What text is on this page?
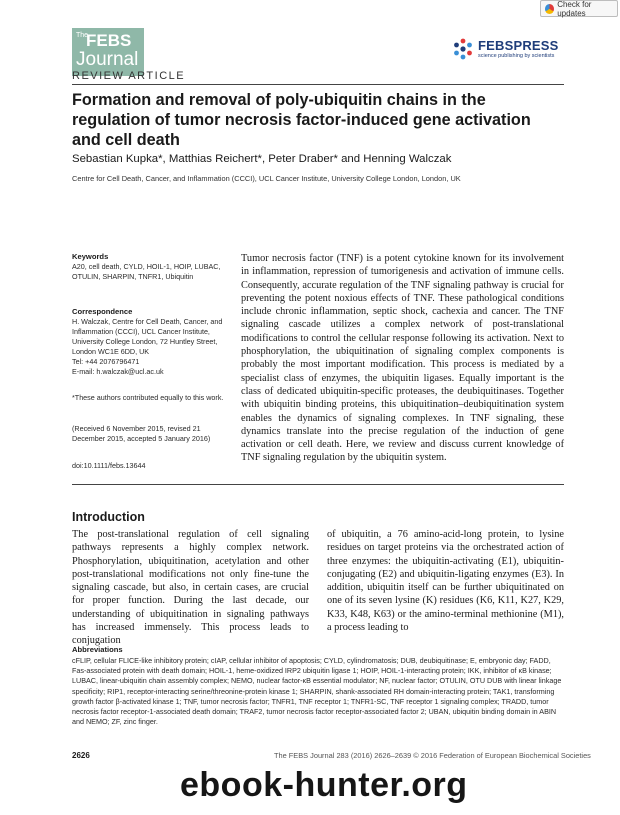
Check for updates
The
FEBS
Journal
FEBSPRESS
science publishing by scientists
REVIEW ARTICLE
Formation and removal of poly-ubiquitin chains in the regulation of tumor necrosis factor-induced gene activation and cell death
Sebastian Kupka*, Matthias Reichert*, Peter Draber* and Henning Walczak
Centre for Cell Death, Cancer, and Inflammation (CCCI), UCL Cancer Institute, University College London, London, UK
Keywords
A20, cell death, CYLD, HOIL-1, HOIP, LUBAC, OTULIN, SHARPIN, TNFR1, Ubiquitin
Correspondence
H. Walczak, Centre for Cell Death, Cancer, and Inflammation (CCCI), UCL Cancer Institute, University College London, 72 Huntley Street, London WC1E 6DD, UK
Tel: +44 2076796471
E-mail: h.walczak@ucl.ac.uk
*These authors contributed equally to this work.
(Received 6 November 2015, revised 21 December 2015, accepted 5 January 2016)
doi:10.1111/febs.13644
Tumor necrosis factor (TNF) is a potent cytokine known for its involvement in inflammation, repression of tumorigenesis and activation of immune cells. Consequently, accurate regulation of the TNF signaling pathway is crucial for preventing the potent noxious effects of TNF. These pathological conditions include chronic inflammation, septic shock, cachexia and cancer. The TNF signaling cascade utilizes a complex network of post-translational modifications to control the cellular response following its activation. Next to phosphorylation, the ubiquitination of signaling complex components is probably the most important modification. This process is mediated by a specialist class of enzymes, the ubiquitin ligases. Equally important is the class of dedicated ubiquitin-specific proteases, the deubiquitinases. Together with ubiquitin binding proteins, this ubiquitination–deubiquitination system enables the dynamics of signaling complexes. In TNF signaling, these dynamics translate into the precise regulation of the induction of gene activation or cell death. Here, we review and discuss current knowledge of TNF signaling regulation by the ubiquitin system.
Introduction
The post-translational regulation of cell signaling pathways represents a highly complex network. Phosphorylation, ubiquitination, acetylation and other post-translational modifications not only fine-tune the signaling cascade, but also, in certain cases, are crucial for proper function. During the last decade, our understanding of ubiquitination in signaling pathways has increased immensely. This process leads to conjugation
of ubiquitin, a 76 amino-acid-long protein, to lysine residues on target proteins via the orchestrated action of three enzymes: the ubiquitin-activating (E1), ubiquitin-conjugating (E2) and ubiquitin-ligating enzymes (E3). In addition, ubiquitin itself can be further ubiquitinated on one of its seven lysine (K) residues (K6, K11, K27, K29, K33, K48, K63) or the amino-terminal methionine (M1), a process leading to
Abbreviations
cFLIP, cellular FLICE-like inhibitory protein; cIAP, cellular inhibitor of apoptosis; CYLD, cylindromatosis; DUB, deubiquitinase; E, embryonic day; FADD, Fas-associated protein with death domain; HOIL-1, heme-oxidized IRP2 ubiquitin ligase 1; HOIP, HOIL-1-interacting protein; IKK, inhibitor of κB kinase; LUBAC, linear-ubiquitin chain assembly complex; NEMO, nuclear factor-κB essential modulator; NF, nuclear factor; OTULIN, OTU DUB with linear linkage specificity; RIP1, receptor-interacting serine/threonine-protein kinase 1; SHARPIN, shank-associated RH domain-interacting protein; TAK1, transforming growth factor β-activated kinase 1; TNF, tumor necrosis factor; TNFR1, TNF receptor 1; TNFR1-SC, TNF receptor 1 signaling complex; TRADD, tumor necrosis factor receptor-1-associated death domain; TRAF2, tumor necrosis factor receptor-associated factor 2; UBAN, ubiquitin binding domain in ABIN and NEMO; ZF, zinc finger.
2626	The FEBS Journal 283 (2016) 2626–2639 © 2016 Federation of European Biochemical Societies
ebook-hunter.org
